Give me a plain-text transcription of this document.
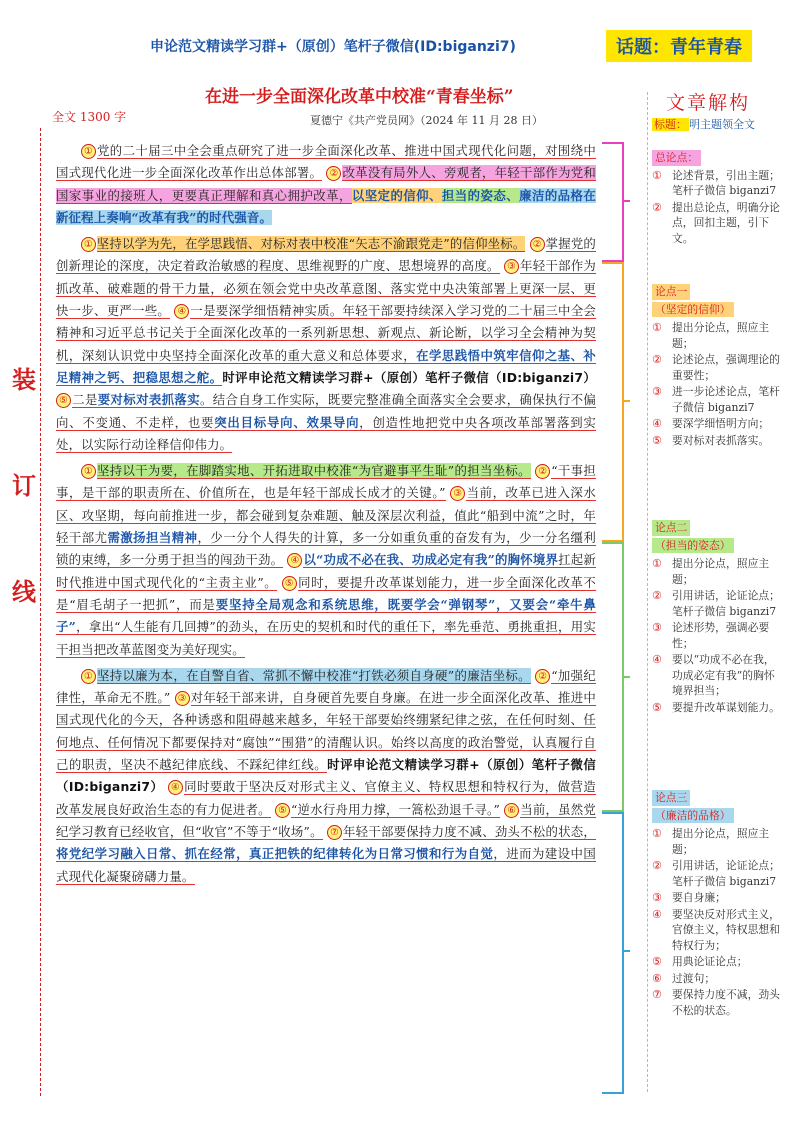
申论范文精读学习群+（原创）笔杆子微信(ID:biganzi7)	话题：青年青春
在进一步全面深化改革中校准“青春坐标”
全文 1300 字	夏德宁《共产党员网》（2024 年 11 月 28 日）
装
订
线

① 党的二十届三中全会重点研究了进一步全面深化改革、推进中国式现代化问题，对围绕中国式现代化进一步全面深化改革作出总体部署。 ② 改革没有局外人、旁观者，年轻干部作为党和国家事业的接班人，更要真正理解和真心拥护改革，以坚定的信仰、担当的姿态、廉洁的品格在新征程上奏响“改革有我”的时代强音。

① 坚持以学为先，在学思践悟、对标对表中校准“矢志不渝跟党走”的信仰坐标。 ② 掌握党的创新理论的深度，决定着政治敏感的程度、思维视野的广度、思想境界的高度。 ③ 年轻干部作为抓改革、破难题的骨干力量，必须在领会党中央改革意图、落实党中央决策部署上更深一层、更快一步、更严一些。 ④ 一是要深学细悟精神实质。年轻干部要持续深入学习党的二十届三中全会精神和习近平总书记关于全面深化改革的一系列新思想、新观点、新论断，以学习全会精神为契机，深刻认识党中央坚持全面深化改革的重大意义和总体要求，在学思践悟中筑牢信仰之基、补足精神之钙、把稳思想之舵。时评申论范文精读学习群+（原创）笔杆子微信（ID:biganzi7） ⑤ 二是要对标对表抓落实。结合自身工作实际，既要完整准确全面落实全会要求，确保执行不偏向、不变通、不走样，也要突出目标导向、效果导向，创造性地把党中央各项改革部署落到实处，以实际行动诠释信仰伟力。

① 坚持以干为要，在脚踏实地、开拓进取中校准“为官避事平生耻”的担当坐标。 ② “干事担事，是干部的职责所在、价值所在，也是年轻干部成长成才的关键。” ③ 当前，改革已进入深水区、攻坚期，每向前推进一步，都会碰到复杂难题、触及深层次利益，值此“船到中流”之时，年轻干部尤需激扬担当精神，少一分个人得失的计算，多一分如重负重的奋发有为，少一分名缰利锁的束缚，多一分勇于担当的闯劲干劲。 ④ 以“功成不必在我、功成必定有我”的胸怀境界扛起新时代推进中国式现代化的“主责主业”。 ⑤ 同时，要提升改革谋划能力，进一步全面深化改革不是“眉毛胡子一把抓”，而是要坚持全局观念和系统思维，既要学会“弹钢琴”，又要会“牵牛鼻子”，拿出“人生能有几回搏”的劲头，在历史的契机和时代的重任下，率先垂范、勇挑重担，用实干担当把改革蓝图变为美好现实。

① 坚持以廉为本，在自警自省、常抓不懈中校准“打铁必须自身硬”的廉洁坐标。 ② “加强纪律性，革命无不胜。” ③ 对年轻干部来讲，自身硬首先要自身廉。在进一步全面深化改革、推进中国式现代化的今天，各种诱惑和阻碍越来越多，年轻干部要始终绷紧纪律之弦，在任何时刻、任何地点、任何情况下都要保持对“腐蚀”“围猎”的清醒认识。始终以高度的政治警觉，认真履行自己的职责，坚决不越纪律底线、不踩纪律红线。时评申论范文精读学习群+（原创）笔杆子微信（ID:biganzi7） ④ 同时要敢于坚决反对形式主义、官僚主义、特权思想和特权行为，做营造改革发展良好政治生态的有力促进者。 ⑤ “逆水行舟用力撑，一篙松劲退千寻。” ⑥ 当前，虽然党纪学习教育已经收官，但“收官”不等于“收场”。 ⑦ 年轻干部要保持力度不减、劲头不松的状态，将党纪学习融入日常、抓在经常，真正把铁的纪律转化为日常习惯和行为自觉，进而为建设中国式现代化凝聚磅礴力量。

文章解构
标题： 明主题领全文
总论点：
① 论述背景，引出主题；笔杆子微信 biganzi7
② 提出总论点，明确分论点，回扣主题，引下文。
论点一
（坚定的信仰）
① 提出分论点，照应主题；
② 论述论点，强调理论的重要性；
③ 进一步论述论点，笔杆子微信 biganzi7
④ 要深学细悟明方向；
⑤ 要对标对表抓落实。
论点二
（担当的姿态）
① 提出分论点，照应主题；
② 引用讲话，论证论点；笔杆子微信 biganzi7
③ 论述形势，强调必要性；
④ 要以“功成不必在我，功成必定有我”的胸怀境界担当；
⑤ 要提升改革谋划能力。
论点三
（廉洁的品格）
① 提出分论点，照应主题；
② 引用讲话，论证论点；笔杆子微信 biganzi7
③ 要自身廉；
④ 要坚决反对形式主义，官僚主义，特权思想和特权行为；
⑤ 用典论证论点；
⑥ 过渡句；
⑦ 要保持力度不减，劲头不松的状态。
